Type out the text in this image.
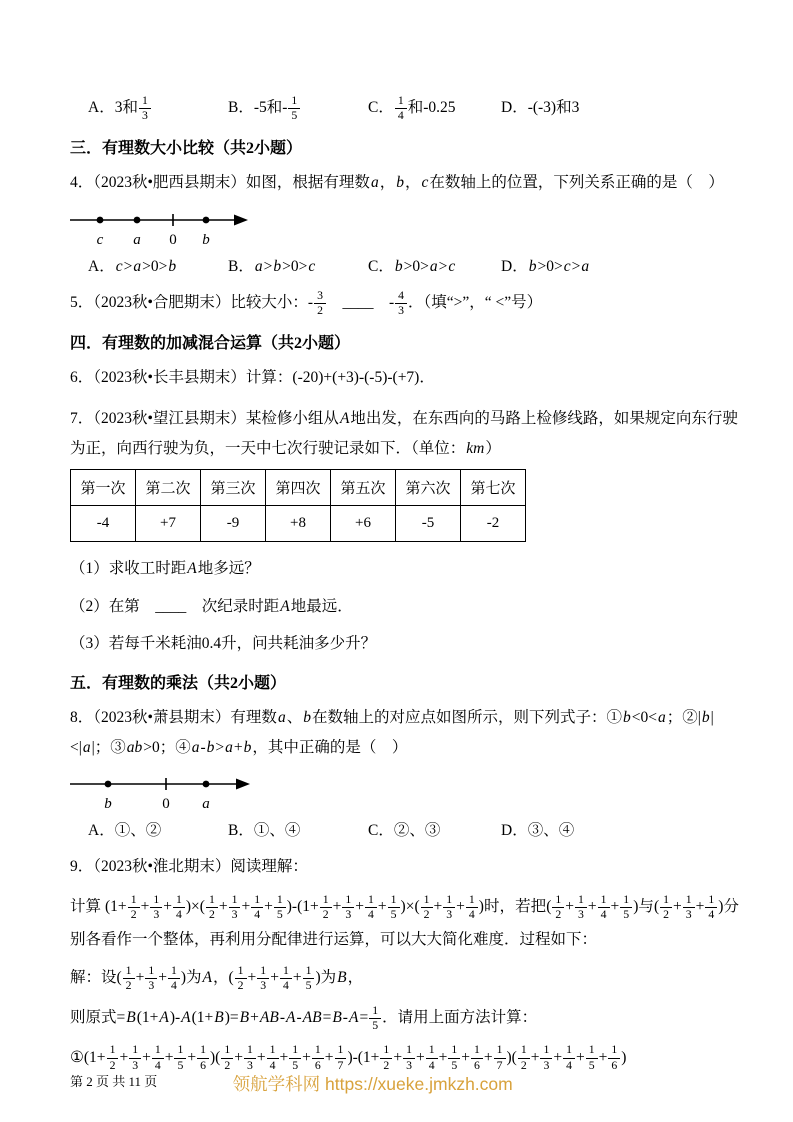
A．3和 $\frac{1}{3}$	B．-5和- $\frac{1}{5}$	C． $\frac{1}{4}$ 和-0.25	D．-(-3)和3
三．有理数大小比较（共2小题）

4．（2023秋•肥西县期末）如图，根据有理数a，b，c在数轴上的位置，下列关系正确的是（　）

c a 0 b
A．c>a>0>b	B．a>b>0>c	C．b>0>a>c	D．b>0>c>a

5．（2023秋•合肥期末）比较大小：- $\frac{3}{2}$ 　____　- $\frac{4}{3}$ ．（填“>”，“ <”号）

四．有理数的加减混合运算（共2小题）

6．（2023秋•长丰县期末）计算：(-20)+(+3)-(-5)-(+7)．

7．（2023秋•望江县期末）某检修小组从A地出发，在东西向的马路上检修线路，如果规定向东行驶为正，向西行驶为负，一天中七次行驶记录如下．（单位：km）

第一次	第二次	第三次	第四次	第五次	第六次	第七次
-4	+7	-9	+8	+6	-5	-2

（1）求收工时距A地多远？

（2）在第　____　次纪录时距A地最远．

（3）若每千米耗油0.4升，问共耗油多少升？

五．有理数的乘法（共2小题）

8．（2023秋•萧县期末）有理数a、b在数轴上的对应点如图所示，则下列式子：①b<0<a；②|b|<|a|；③ab>0；④a-b>a+b，其中正确的是（　）

b	0 a
A．①、②	B．①、④	C．②、③	D．③、④

9．（2023秋•淮北期末）阅读理解：

计算 ($1+ \frac{1}{2} + \frac{1}{3} + \frac{1}{4}$ )×( $\frac{1}{2} + \frac{1}{3} + \frac{1}{4} + \frac{1}{5} )-(1+ \frac{1}{2} + \frac{1}{3} + \frac{1}{4} + \frac{1}{5}$ )×( $\frac{1}{2} + \frac{1}{3} + \frac{1}{4}$ )时，若把( $\frac{1}{2} + \frac{1}{3} + \frac{1}{4} + \frac{1}{5}$ )与( $\frac{1}{2} + \frac{1}{3} + \frac{1}{4}$ )分别各看作一个整体，再利用分配律进行运算，可以大大简化难度．过程如下：

解：设( $\frac{1}{2} + \frac{1}{3} + \frac{1}{4}$ )为A，( $\frac{1}{2} + \frac{1}{3} + \frac{1}{4} + \frac{1}{5}$ )为B，

则原式$=B(1+A)-A(1+B)=B+AB-A-AB=B-A= \frac{1}{5}$ ．请用上面方法计算：

①(1+ $\frac{1}{2} + \frac{1}{3} + \frac{1}{4} + \frac{1}{5} + \frac{1}{6}$ )( $\frac{1}{2} + \frac{1}{3} + \frac{1}{4} + \frac{1}{5} + \frac{1}{6} + \frac{1}{7} )-(1+ \frac{1}{2} + \frac{1}{3} + \frac{1}{4} + \frac{1}{5} + \frac{1}{6} + \frac{1}{7}$ )( $\frac{1}{2} + \frac{1}{3} + \frac{1}{4} + \frac{1}{5} + \frac{1}{6}$ )

第 2 页 共 11 页	领航学科网 https://xueke.jmkzh.com
